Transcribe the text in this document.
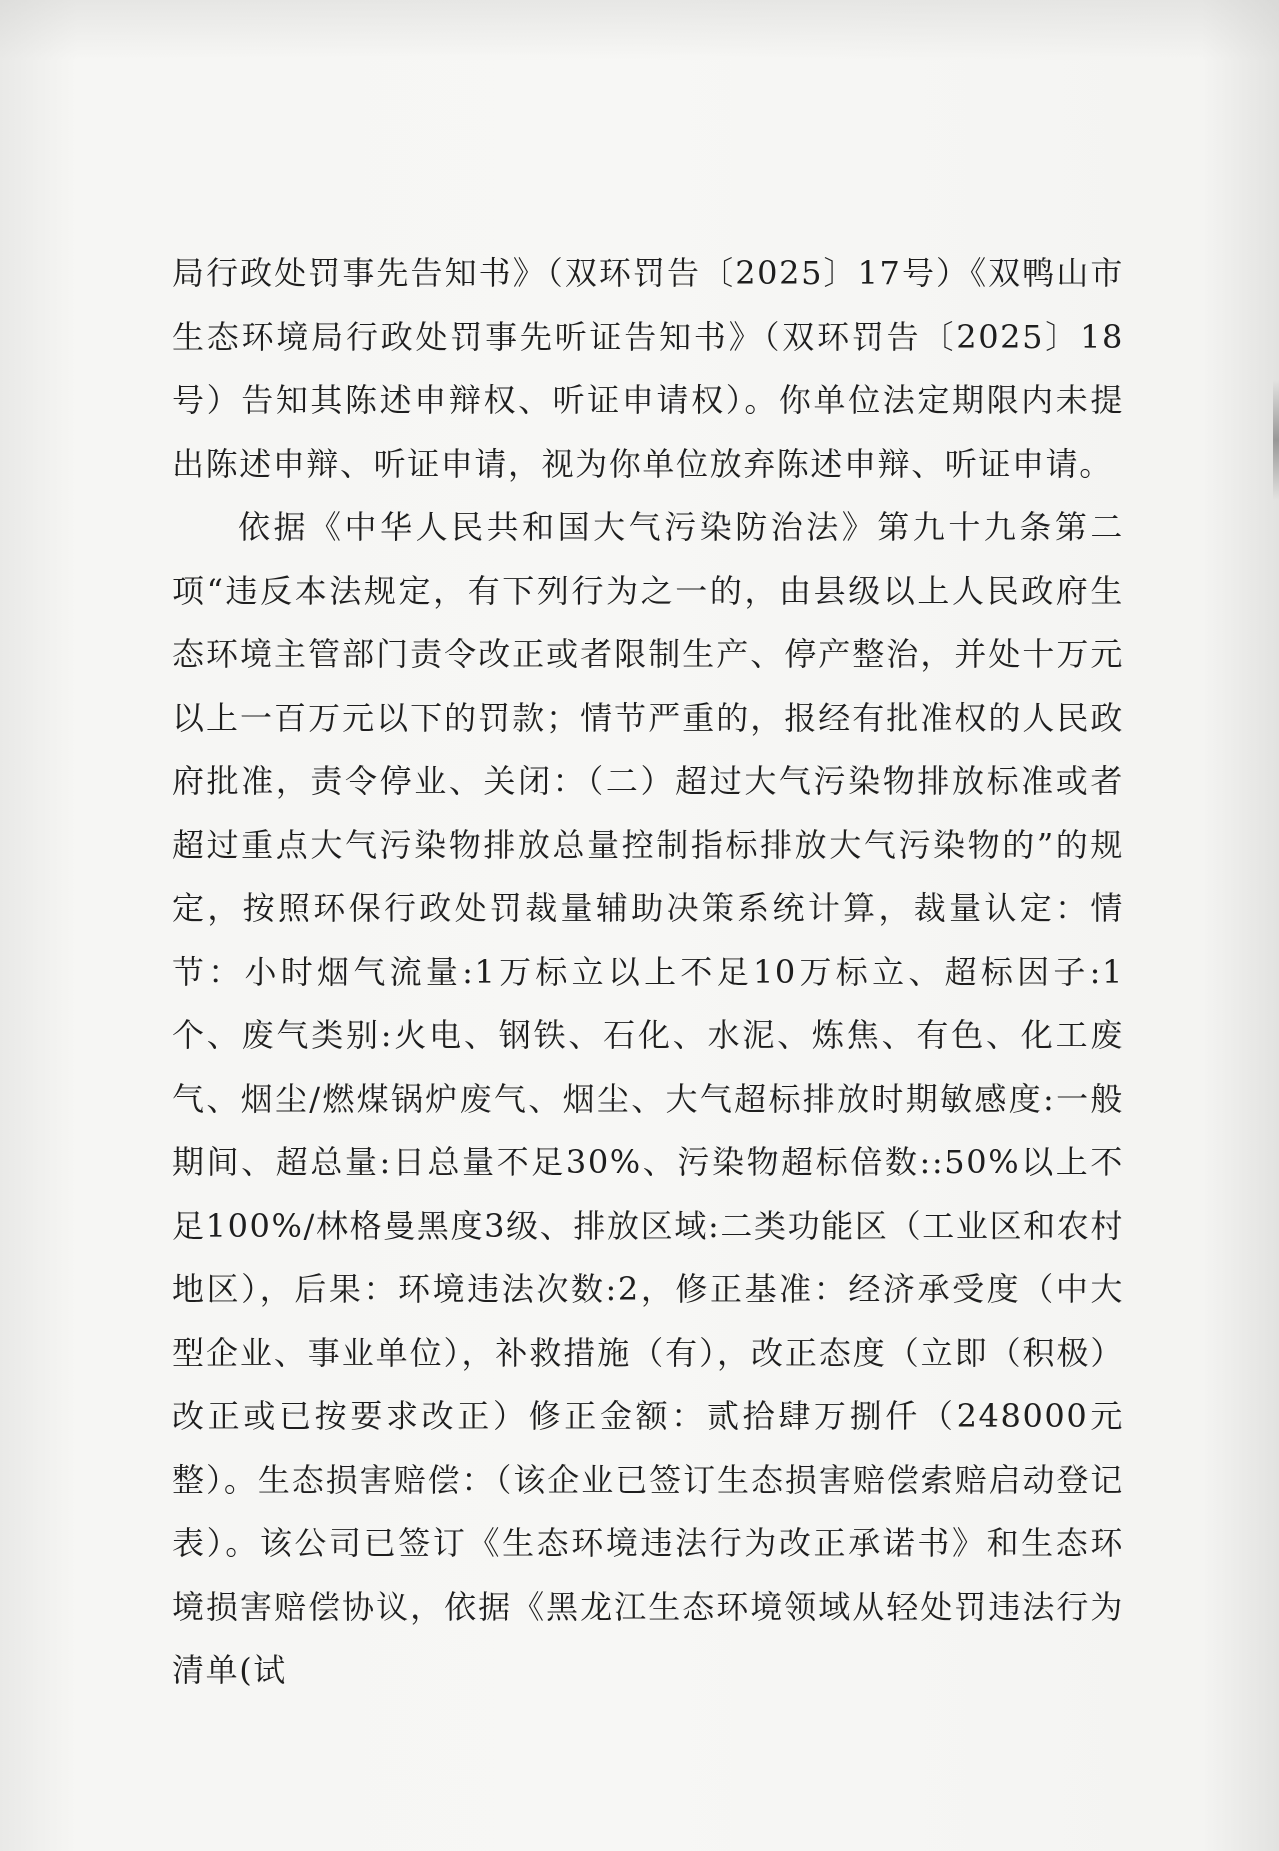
局行政处罚事先告知书》（双环罚告〔2025〕17号）《双鸭山市生态环境局行政处罚事先听证告知书》（双环罚告〔2025〕18号）告知其陈述申辩权、听证申请权）。你单位法定期限内未提出陈述申辩、听证申请，视为你单位放弃陈述申辩、听证申请。

依据《中华人民共和国大气污染防治法》第九十九条第二项“违反本法规定，有下列行为之一的，由县级以上人民政府生态环境主管部门责令改正或者限制生产、停产整治，并处十万元以上一百万元以下的罚款；情节严重的，报经有批准权的人民政府批准，责令停业、关闭：（二）超过大气污染物排放标准或者超过重点大气污染物排放总量控制指标排放大气污染物的”的规定，按照环保行政处罚裁量辅助决策系统计算，裁量认定：情节：小时烟气流量:1万标立以上不足10万标立、超标因子:1个、废气类别:火电、钢铁、石化、水泥、炼焦、有色、化工废气、烟尘/燃煤锅炉废气、烟尘、大气超标排放时期敏感度:一般期间、超总量:日总量不足30%、污染物超标倍数::50%以上不足100%/林格曼黑度3级、排放区域:二类功能区（工业区和农村地区），后果：环境违法次数:2，修正基准：经济承受度（中大型企业、事业单位），补救措施（有），改正态度（立即（积极）改正或已按要求改正）修正金额：贰拾肆万捌仟（248000元整）。生态损害赔偿：（该企业已签订生态损害赔偿索赔启动登记表）。该公司已签订《生态环境违法行为改正承诺书》和生态环境损害赔偿协议，依据《黑龙江生态环境领域从轻处罚违法行为清单(试
